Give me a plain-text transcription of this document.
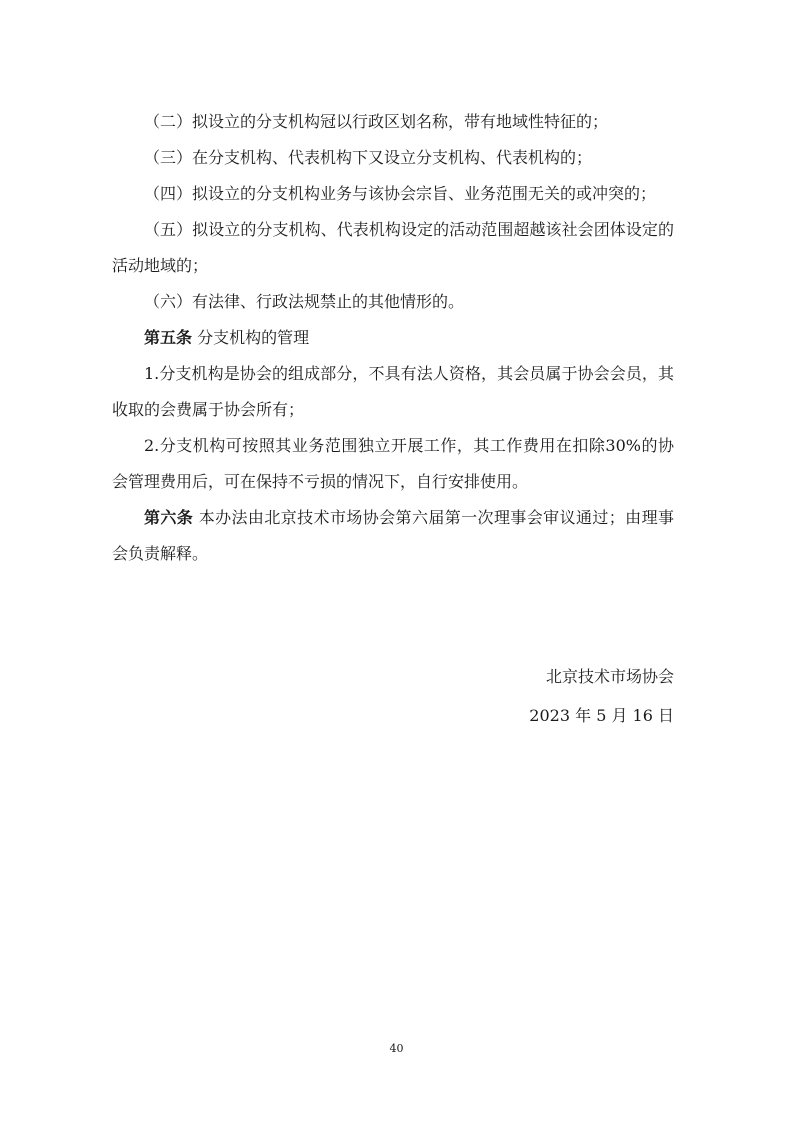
（二）拟设立的分支机构冠以行政区划名称，带有地域性特征的；

（三）在分支机构、代表机构下又设立分支机构、代表机构的；

（四）拟设立的分支机构业务与该协会宗旨、业务范围无关的或冲突的；

（五）拟设立的分支机构、代表机构设定的活动范围超越该社会团体设定的活动地域的；

（六）有法律、行政法规禁止的其他情形的。

第五条 分支机构的管理

1.分支机构是协会的组成部分，不具有法人资格，其会员属于协会会员，其收取的会费属于协会所有；

2.分支机构可按照其业务范围独立开展工作，其工作费用在扣除30%的协会管理费用后，可在保持不亏损的情况下，自行安排使用。

第六条 本办法由北京技术市场协会第六届第一次理事会审议通过；由理事会负责解释。

北京技术市场协会
2023 年 5 月 16 日
40
